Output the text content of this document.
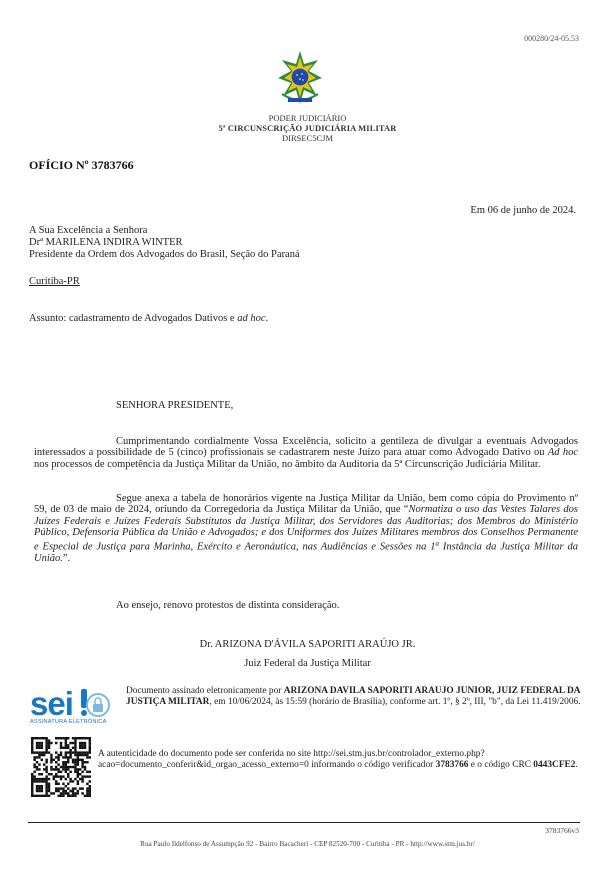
000280/24-05.53
PODER JUDICIÁRIO
5ª CIRCUNSCRIÇÃO JUDICIÁRIA MILITAR
DIRSEC5CJM
OFÍCIO Nº 3783766
Em 06 de junho de 2024.
A Sua Excelência a Senhora
Drª MARILENA INDIRA WINTER
Presidente da Ordem dos Advogados do Brasil, Seção do Paraná
Curitiba-PR
Assunto: cadastramento de Advogados Dativos e ad hoc.
SENHORA PRESIDENTE,
Cumprimentando cordialmente Vossa Excelência, solicito a gentileza de divulgar a eventuais Advogados interessados a possibilidade de 5 (cinco) profissionais se cadastrarem neste Juízo para atuar como Advogado Dativo ou Ad hoc nos processos de competência da Justiça Militar da União, no âmbito da Auditoria da 5ª Circunscrição Judiciária Militar.
Segue anexa a tabela de honorários vigente na Justiça Militar da União, bem como cópia do Provimento nº 59, de 03 de maio de 2024, oriundo da Corregedoria da Justiça Militar da União, que “Normatiza o uso das Vestes Talares dos Juízes Federais e Juízes Federais Substitutos da Justiça Militar, dos Servidores das Auditorias; dos Membros do Ministério Público, Defensoria Pública da União e Advogados; e dos Uniformes dos Juízes Militares membros dos Conselhos Permanente e Especial de Justiça para Marinha, Exército e Aeronáutica, nas Audiências e Sessões na 1$^a$ Instância da Justiça Militar da União.”.
Ao ensejo, renovo protestos de distinta consideração.
Dr. ARIZONA D'ÁVILA SAPORITI ARAÚJO JR.
Juiz Federal da Justiça Militar
sei
ASSINATURA ELETRÔNICA
Documento assinado eletronicamente por ARIZONA DAVILA SAPORITI ARAUJO JUNIOR, JUIZ FEDERAL DA JUSTIÇA MILITAR, em 10/06/2024, às 15:59 (horário de Brasília), conforme art. 1º, § 2º, III, "b", da Lei 11.419/2006.
A autenticidade do documento pode ser conferida no site http://sei.stm.jus.br/controlador_externo.php?acao=documento_conferir&id_orgao_acesso_externo=0 informando o código verificador 3783766 e o código CRC 0443CFE2.
3783766v3
Rua Paulo Ildelfonso de Assumpção 92 - Bairro Bacacheri - CEP 82520-700 - Curitiba - PR - http://www.stm.jus.br/
